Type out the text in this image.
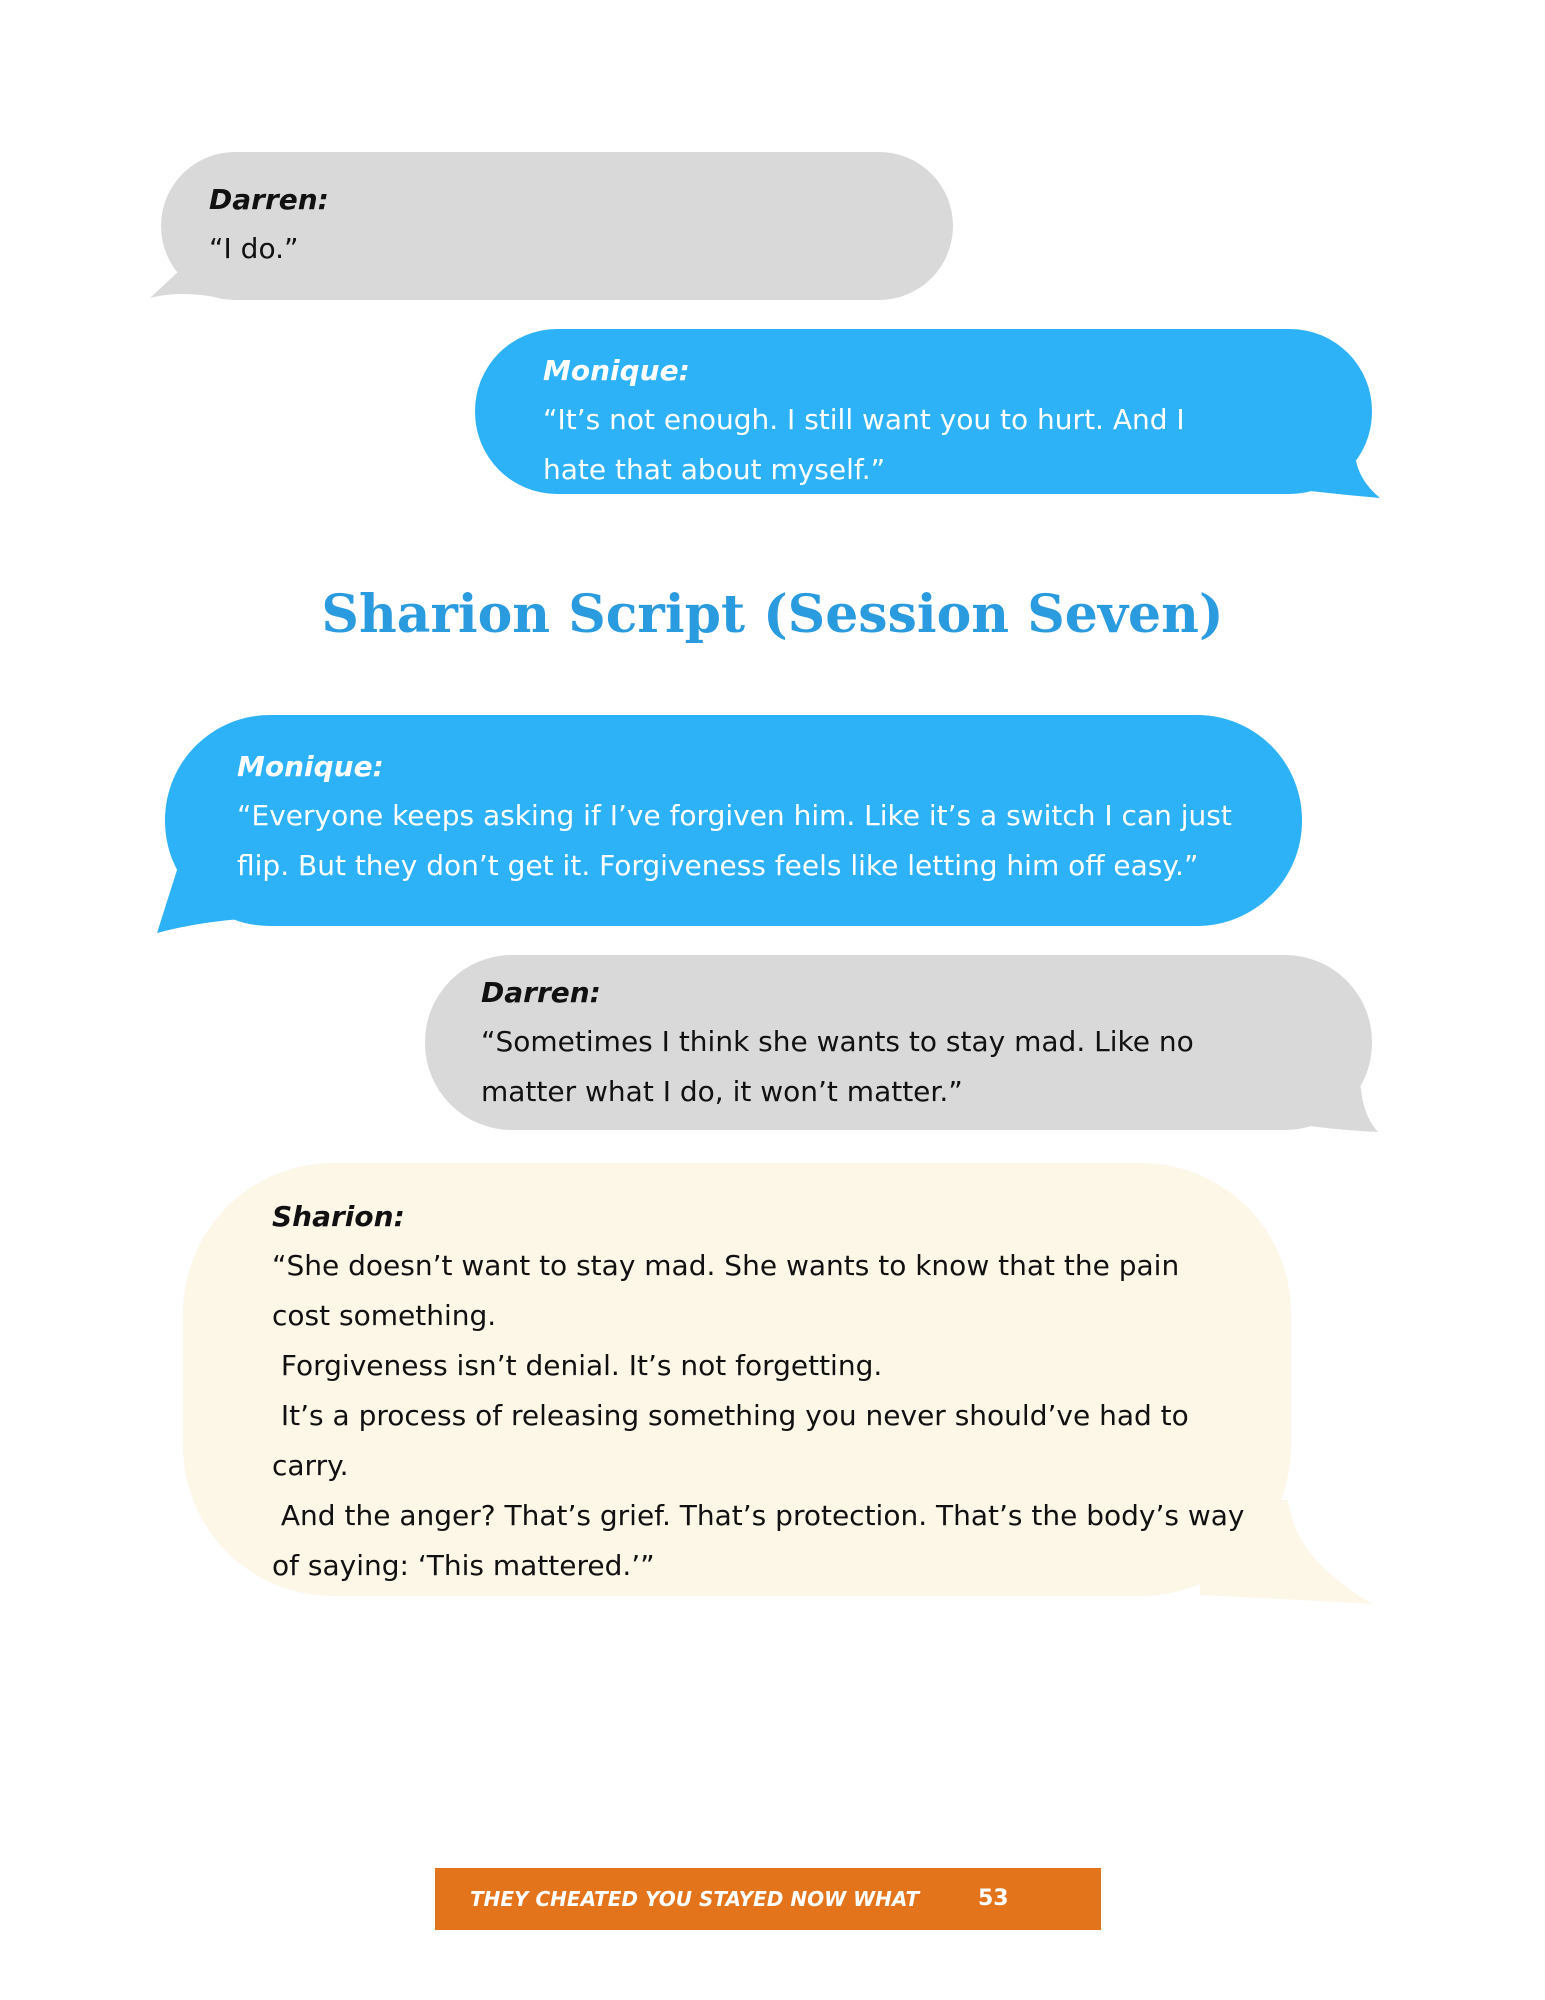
Darren:
“I do.”
Monique:
“It’s not enough. I still want you to hurt. And I
hate that about myself.”
Sharion Script (Session Seven)
Monique:
“Everyone keeps asking if I’ve forgiven him. Like it’s a switch I can just
flip. But they don’t get it. Forgiveness feels like letting him off easy.”
Darren:
“Sometimes I think she wants to stay mad. Like no
matter what I do, it won’t matter.”
Sharion:
“She doesn’t want to stay mad. She wants to know that the pain
cost something.
Forgiveness isn’t denial. It’s not forgetting.
It’s a process of releasing something you never should’ve had to
carry.
And the anger? That’s grief. That’s protection. That’s the body’s way
of saying: ‘This mattered.’”
THEY CHEATED YOU STAYED NOW WHAT	53
